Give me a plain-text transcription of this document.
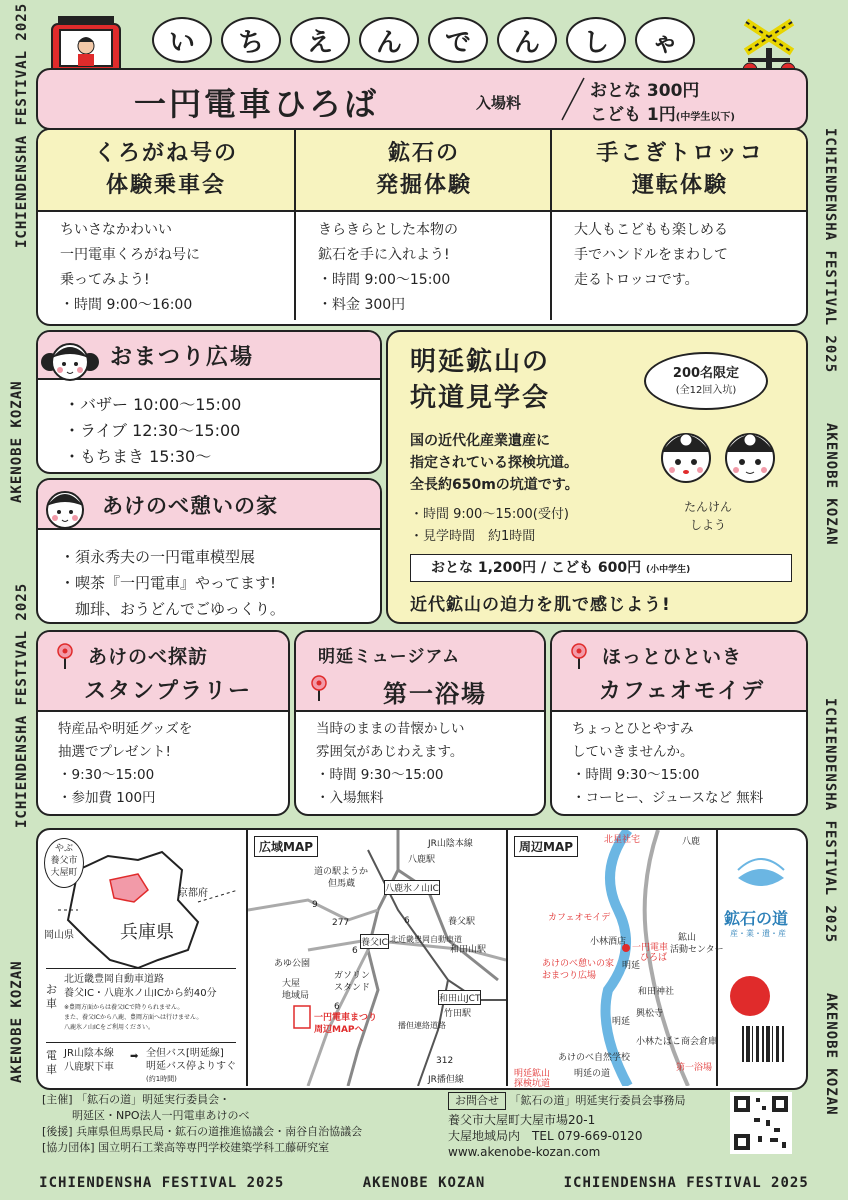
ICHIENDENSHA FESTIVAL 2025
AKENOBE KOZAN
ICHIENDENSHA FESTIVAL 2025
AKENOBE KOZAN
ICHIENDENSHA FESTIVAL 2025
AKENOBE KOZAN
ICHIENDENSHA FESTIVAL 2025
AKENOBE KOZAN
ICHIENDENSHA FESTIVAL 2025	AKENOBE KOZAN	ICHIENDENSHA FESTIVAL 2025
い	ち	え	ん	で	ん	し	ゃ
一円電車ひろば	入場料
おとな 300円
こども 1円(中学生以下)
くろがね号の
体験乗車会
ちいさなかわいい
一円電車くろがね号に
乗ってみよう!
・時間 9:00〜16:00
鉱石の
発掘体験
きらきらとした本物の
鉱石を手に入れよう!
・時間 9:00〜15:00
・料金 300円
手こぎトロッコ
運転体験
大人もこどもも楽しめる
手でハンドルをまわして
走るトロッコです。
おまつり広場
・バザー 10:00〜15:00
・ライブ 12:30〜15:00
・もちまき 15:30〜
あけのべ憩いの家
・須永秀夫の一円電車模型展
・喫茶『一円電車』やってます!
　珈琲、おうどんでごゆっくり。
明延鉱山の
坑道見学会
200名限定
(全12回入坑)
国の近代化産業遺産に
指定されている探検坑道。
全長約650mの坑道です。
・時間 9:00〜15:00(受付)
・見学時間　約1時間
たんけん
しよう
おとな 1,200円 / こども 600円 (小中学生)
近代鉱山の迫力を肌で感じよう!
あけのべ探訪
スタンプラリー
特産品や明延グッズを
抽選でプレゼント!
・9:30〜15:00
・参加費 100円
明延ミュージアム
第一浴場
当時のままの昔懐かしい
雰囲気があじわえます。
・時間 9:30〜15:00
・入場無料
ほっとひといき
カフェオモイデ
ちょっとひとやすみ
していきませんか。
・時間 9:30〜15:00
・コーヒー、ジュースなど 無料
やぶ
養父市
大屋町
兵庫県
京都府
岡山県
お車
北近畿豊岡自動車道路
養父IC・八鹿氷ノ山ICから約40分
※豊岡方面からは養父ICで降りられません。
また、養父ICから八鹿、豊岡方面へは行けません。
八鹿氷ノ山ICをご利用ください。
電車
JR山陰本線
八鹿駅下車
➡ 全但バス[明延線]
明延バス停よりすぐ
(約1時間)
広域MAP	JR山陰本線
八鹿駅
道の駅ようか
但馬蔵	八鹿氷ノ山IC
養父駅
あゆ公園
ガソリン
スタンド
大屋
地域局
養父IC 北近畿豊岡自動車道
和田山駅
和田山JCT
竹田駅
播但連絡道路
JR播但線
一円電車まつり
周辺MAPへ
9
277
6
312
6
6
周辺MAP	北星社宅	八鹿
カフェオモイデ
小林酒店
あけのべ憩いの家
おまつり広場
明延
一円電車
ひろば
鉱山
活動センター
和田神社
興松寺
小林たばこ商会倉庫
あけのべ自然学校
明延鉱山
探検坑道
第一浴場
明延の道
明延
鉱石の道
産・業・遺・産
[主催] 「鉱石の道」明延実行委員会・
明延区・NPO法人一円電車あけのべ
[後援] 兵庫県但馬県民局・鉱石の道推進協議会・南谷自治協議会
[協力団体] 国立明石工業高等専門学校建築学科工藤研究室
お問合せ 「鉱石の道」明延実行委員会事務局
養父市大屋町大屋市場20-1
大屋地域局内　 TEL 079-669-0120
www.akenobe-kozan.com
